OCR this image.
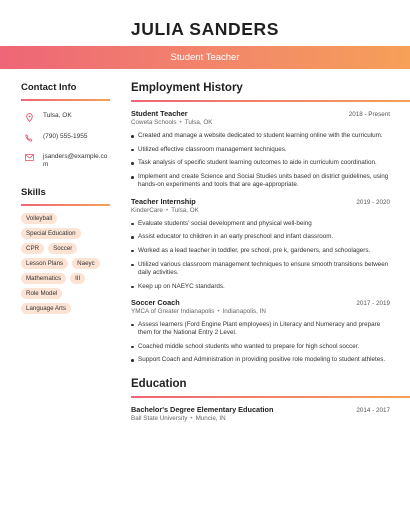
JULIA SANDERS
Student Teacher
Contact Info
Tulsa, OK
(790) 555-1955
jsanders@example.com
Skills
Volleyball
Special Education
CPR	Soccer
Lesson Plans	Naeyc
Mathematics	III
Role Model
Language Arts
Employment History
Student Teacher	2018 - Present
Coweta Schools • Tulsa, OK
Created and manage a website dedicated to student learning online with the curriculum.
Utilized effective classroom management techniques.
Task analysis of specific student learning outcomes to aide in curriculum coordination.
Implement and create Science and Social Studies units based on district guidelines, using hands-on experiments and tools that are age-appropriate.
Teacher Internship	2019 - 2020
KinderCare • Tulsa, OK
Evaluate students' social development and physical well-being
Assist educator to children in an early preschool and infant classroom.
Worked as a lead teacher in toddler, pre school, pre k, gardeners, and schoolagers.
Utilized various classroom management techniques to ensure smooth transitions between daily activities.
Keep up on NAEYC standards.
Soccer Coach	2017 - 2019
YMCA of Greater Indianapolis • Indianapolis, IN
Assess learners (Ford Engine Plant employees) in Literacy and Numeracy and prepare them for the National Entry 2 Level.
Coached middle school students who wanted to prepare for high school soccer.
Support Coach and Administration in providing positive role modeling to student athletes.
Education
Bachelor's Degree Elementary Education	2014 - 2017
Ball State University • Muncie, IN
